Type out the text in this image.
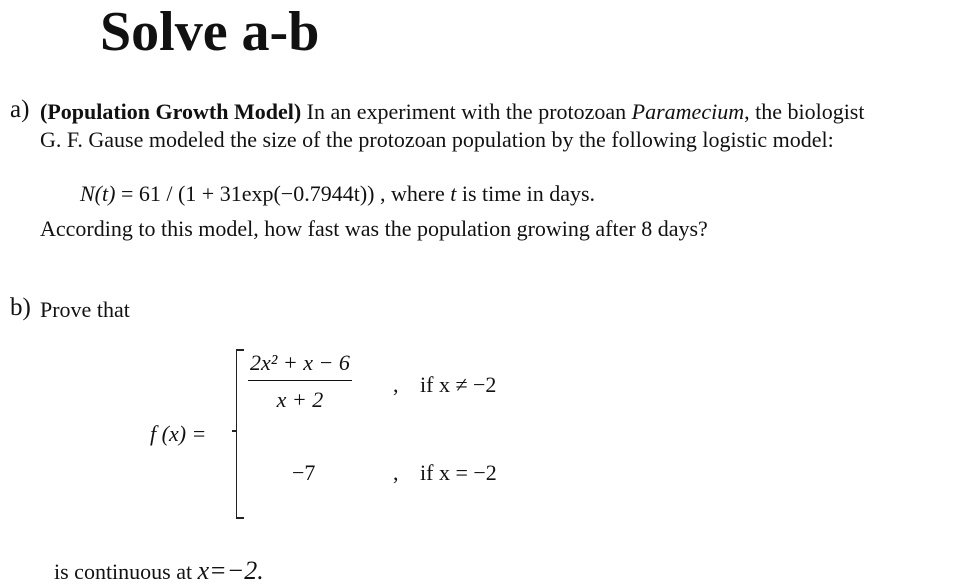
Solve a-b
a) (Population Growth Model) In an experiment with the protozoan Paramecium, the biologist
G. F. Gause modeled the size of the protozoan population by the following logistic model:
N(t) = 61 / (1 + 31exp(−0.7944t)) , where t is time in days.
According to this model, how fast was the population growing after 8 days?
b) Prove that
f (x) =
$\frac{\text{2x² + x − 6}}{x + 2}$ , if x ≠ −2
−7	, if x = −2
is continuous at x=−2.
